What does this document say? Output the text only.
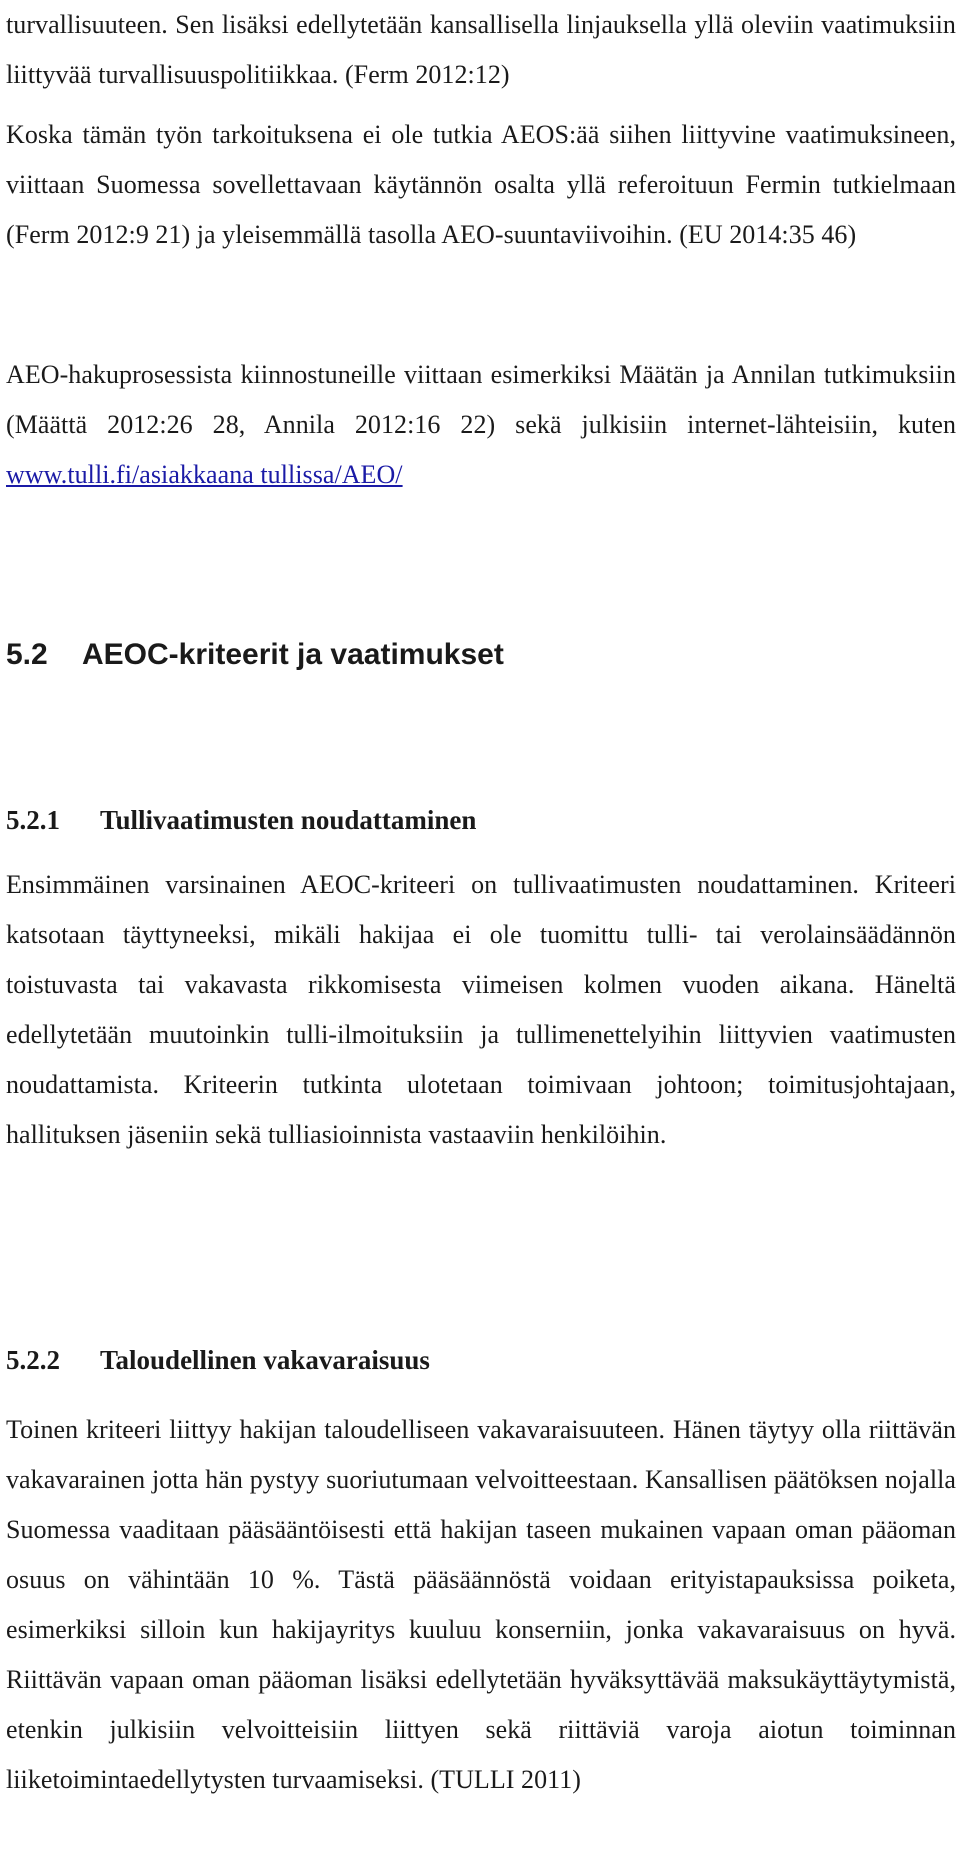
turvallisuuteen. Sen lisäksi edellytetään kansallisella linjauksella yllä oleviin vaatimuksiin liittyvää turvallisuuspolitiikkaa. (Ferm 2012:12)

Koska tämän työn tarkoituksena ei ole tutkia AEOS:ää siihen liittyvine vaatimuksineen, viittaan Suomessa sovellettavaan käytännön osalta yllä referoituun Fermin tutkielmaan (Ferm 2012:9 21) ja yleisemmällä tasolla AEO-suuntaviivoihin. (EU 2014:35 46)

AEO-hakuprosessista kiinnostuneille viittaan esimerkiksi Määtän ja Annilan tutkimuksiin (Määttä 2012:26 28, Annila 2012:16 22) sekä julkisiin internet-lähteisiin, kuten www.tulli.fi/asiakkaana tullissa/AEO/

5.2 AEOC-kriteerit ja vaatimukset
5.2.1 Tullivaatimusten noudattaminen

Ensimmäinen varsinainen AEOC-kriteeri on tullivaatimusten noudattaminen. Kriteeri katsotaan täyttyneeksi, mikäli hakijaa ei ole tuomittu tulli- tai verolainsäädännön toistuvasta tai vakavasta rikkomisesta viimeisen kolmen vuoden aikana. Häneltä edellytetään muutoinkin tulli-ilmoituksiin ja tullimenettelyihin liittyvien vaatimusten noudattamista. Kriteerin tutkinta ulotetaan toimivaan johtoon; toimitusjohtajaan, hallituksen jäseniin sekä tulliasioinnista vastaaviin henkilöihin.

5.2.2 Taloudellinen vakavaraisuus

Toinen kriteeri liittyy hakijan taloudelliseen vakavaraisuuteen. Hänen täytyy olla riittävän vakavarainen jotta hän pystyy suoriutumaan velvoitteestaan. Kansallisen päätöksen nojalla Suomessa vaaditaan pääsääntöisesti että hakijan taseen mukainen vapaan oman pääoman osuus on vähintään 10 %. Tästä pääsäännöstä voidaan erityistapauksissa poiketa, esimerkiksi silloin kun hakijayritys kuuluu konserniin, jonka vakavaraisuus on hyvä. Riittävän vapaan oman pääoman lisäksi edellytetään hyväksyttävää maksukäyttäytymistä, etenkin julkisiin velvoitteisiin liittyen sekä riittäviä varoja aiotun toiminnan liiketoimintaedellytysten turvaamiseksi. (TULLI 2011)
